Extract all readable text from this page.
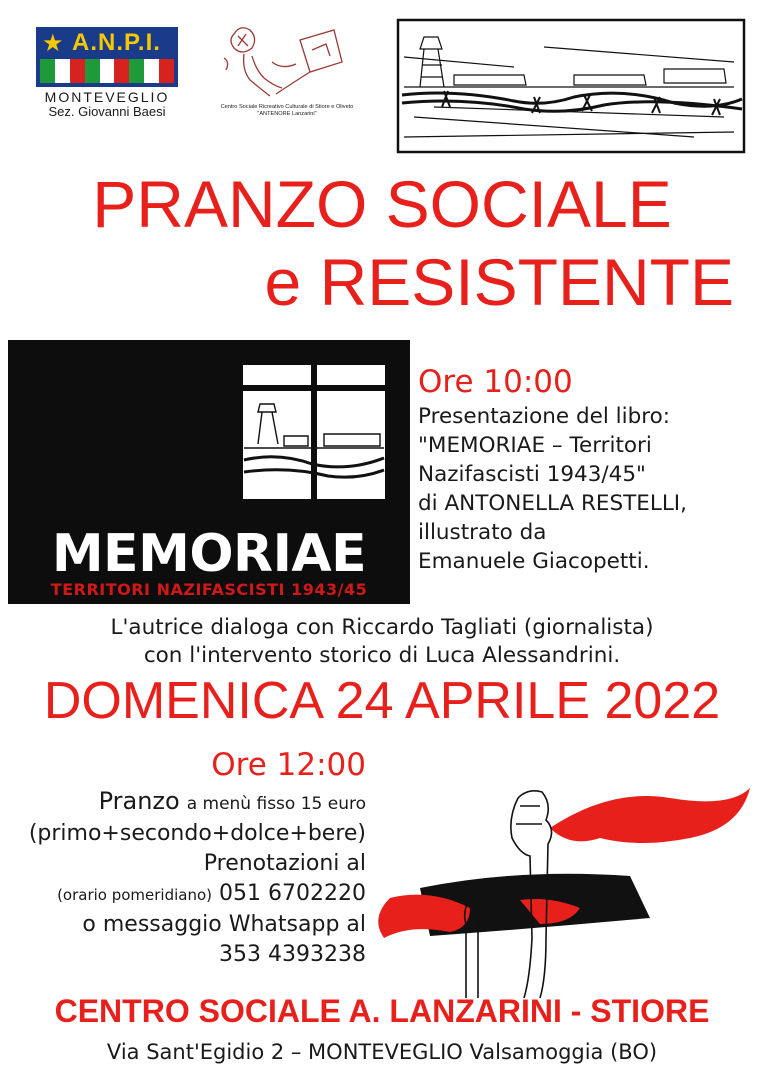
★ A.N.P.I.
MONTEVEGLIO
Sez. Giovanni Baesi	Centro Sociale Ricreativo Culturale di Stiore e Oliveto
"ANTENORE Lanzarini"
PRANZO SOCIALE
e RESISTENTE
MEMORIAE
TERRITORI NAZIFASCISTI 1943/45
Ore 10:00
Presentazione del libro:
"MEMORIAE – Territori
Nazifascisti 1943/45"
di ANTONELLA RESTELLI,
illustrato da
Emanuele Giacopetti.
L'autrice dialoga con Riccardo Tagliati (giornalista)
con l'intervento storico di Luca Alessandrini.
DOMENICA 24 APRILE 2022
Ore 12:00
Pranzo a menù fisso 15 euro
(primo+secondo+dolce+bere)
Prenotazioni al
(orario pomeridiano) 051 6702220
o messaggio Whatsapp al
353 4393238
CENTRO SOCIALE A. LANZARINI - STIORE
Via Sant'Egidio 2 – MONTEVEGLIO Valsamoggia (BO)
